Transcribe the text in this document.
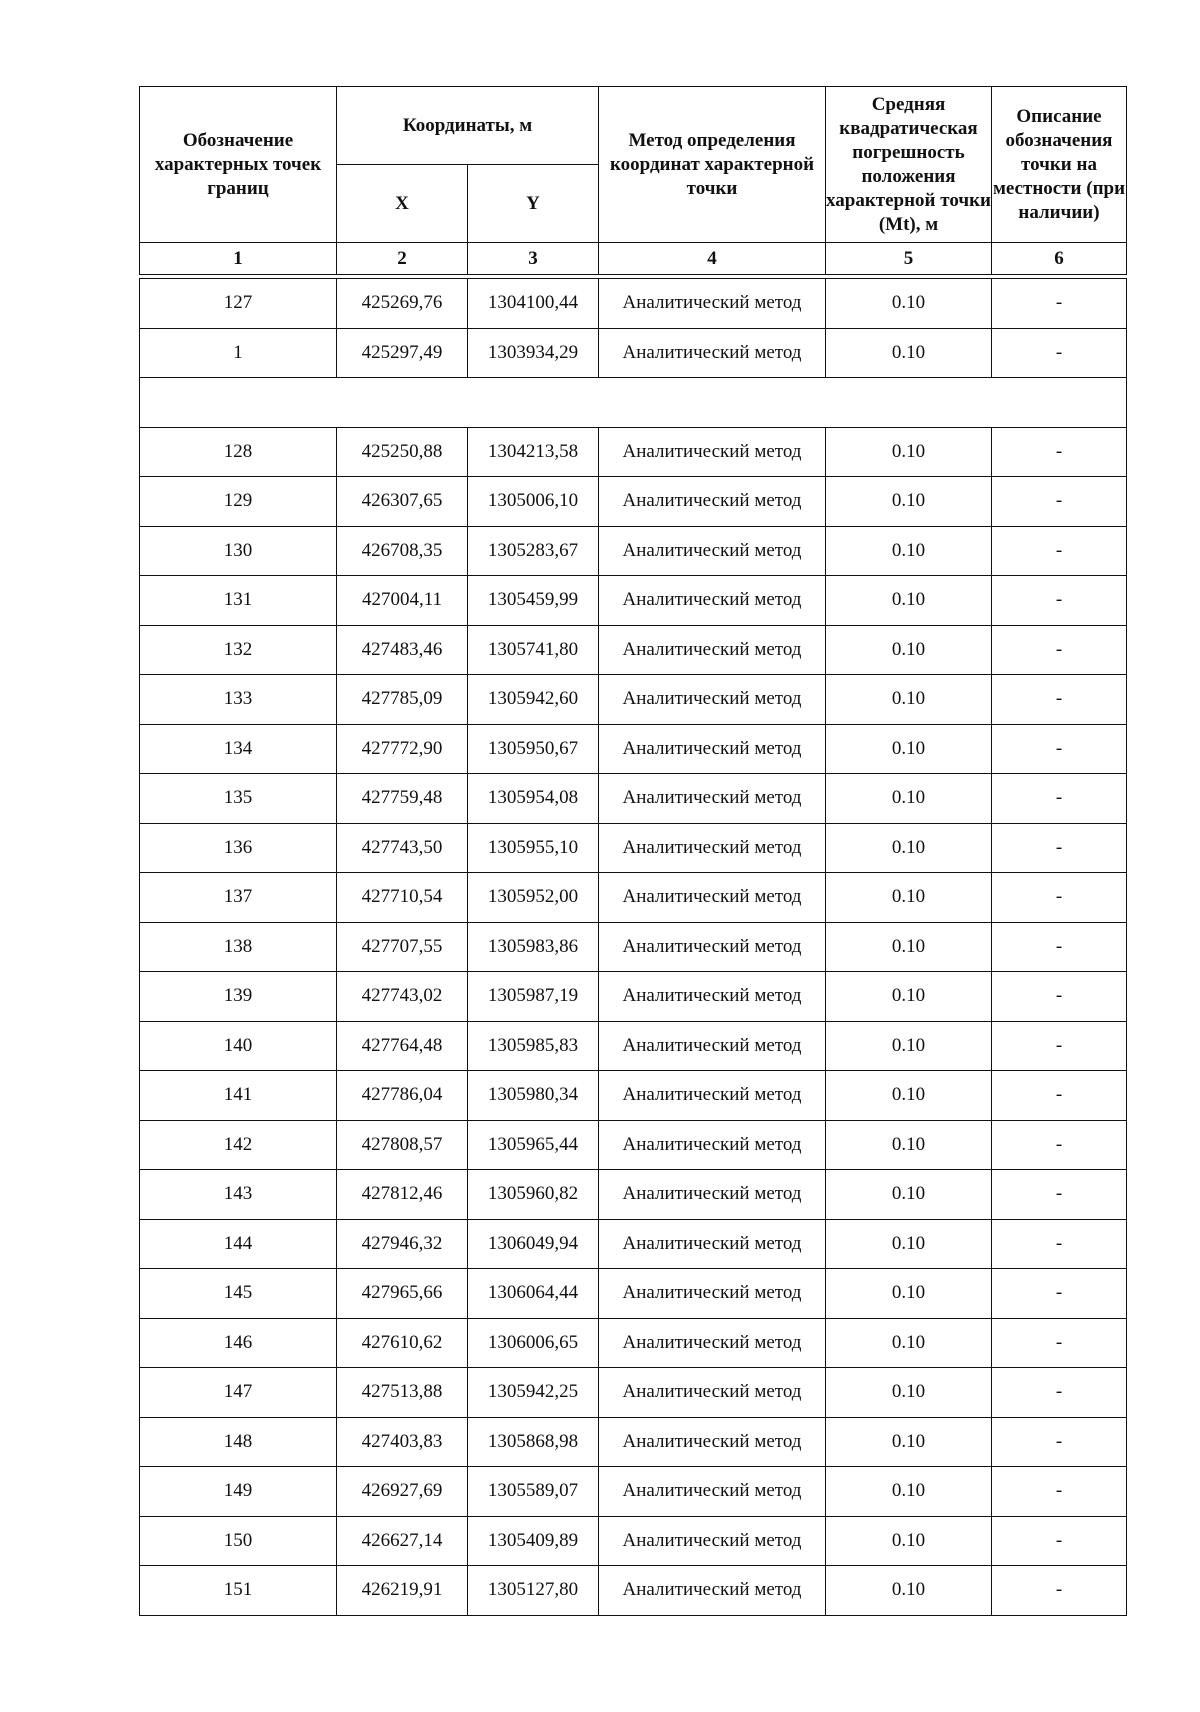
Обозначение характерных точек границ	Координаты, м		Метод определения координат характерной точки	Средняя квадратическая погрешность положения характерной точки (Mt), м	Описание обозначения точки на местности (при наличии)
	X	Y			
1	2	3	4	5	6
127	425269,76	1304100,44	Аналитический метод	0.10	-
1	425297,49	1303934,29	Аналитический метод	0.10	-

128	425250,88	1304213,58	Аналитический метод	0.10	-
129	426307,65	1305006,10	Аналитический метод	0.10	-
130	426708,35	1305283,67	Аналитический метод	0.10	-
131	427004,11	1305459,99	Аналитический метод	0.10	-
132	427483,46	1305741,80	Аналитический метод	0.10	-
133	427785,09	1305942,60	Аналитический метод	0.10	-
134	427772,90	1305950,67	Аналитический метод	0.10	-
135	427759,48	1305954,08	Аналитический метод	0.10	-
136	427743,50	1305955,10	Аналитический метод	0.10	-
137	427710,54	1305952,00	Аналитический метод	0.10	-
138	427707,55	1305983,86	Аналитический метод	0.10	-
139	427743,02	1305987,19	Аналитический метод	0.10	-
140	427764,48	1305985,83	Аналитический метод	0.10	-
141	427786,04	1305980,34	Аналитический метод	0.10	-
142	427808,57	1305965,44	Аналитический метод	0.10	-
143	427812,46	1305960,82	Аналитический метод	0.10	-
144	427946,32	1306049,94	Аналитический метод	0.10	-
145	427965,66	1306064,44	Аналитический метод	0.10	-
146	427610,62	1306006,65	Аналитический метод	0.10	-
147	427513,88	1305942,25	Аналитический метод	0.10	-
148	427403,83	1305868,98	Аналитический метод	0.10	-
149	426927,69	1305589,07	Аналитический метод	0.10	-
150	426627,14	1305409,89	Аналитический метод	0.10	-
151	426219,91	1305127,80	Аналитический метод	0.10	-
